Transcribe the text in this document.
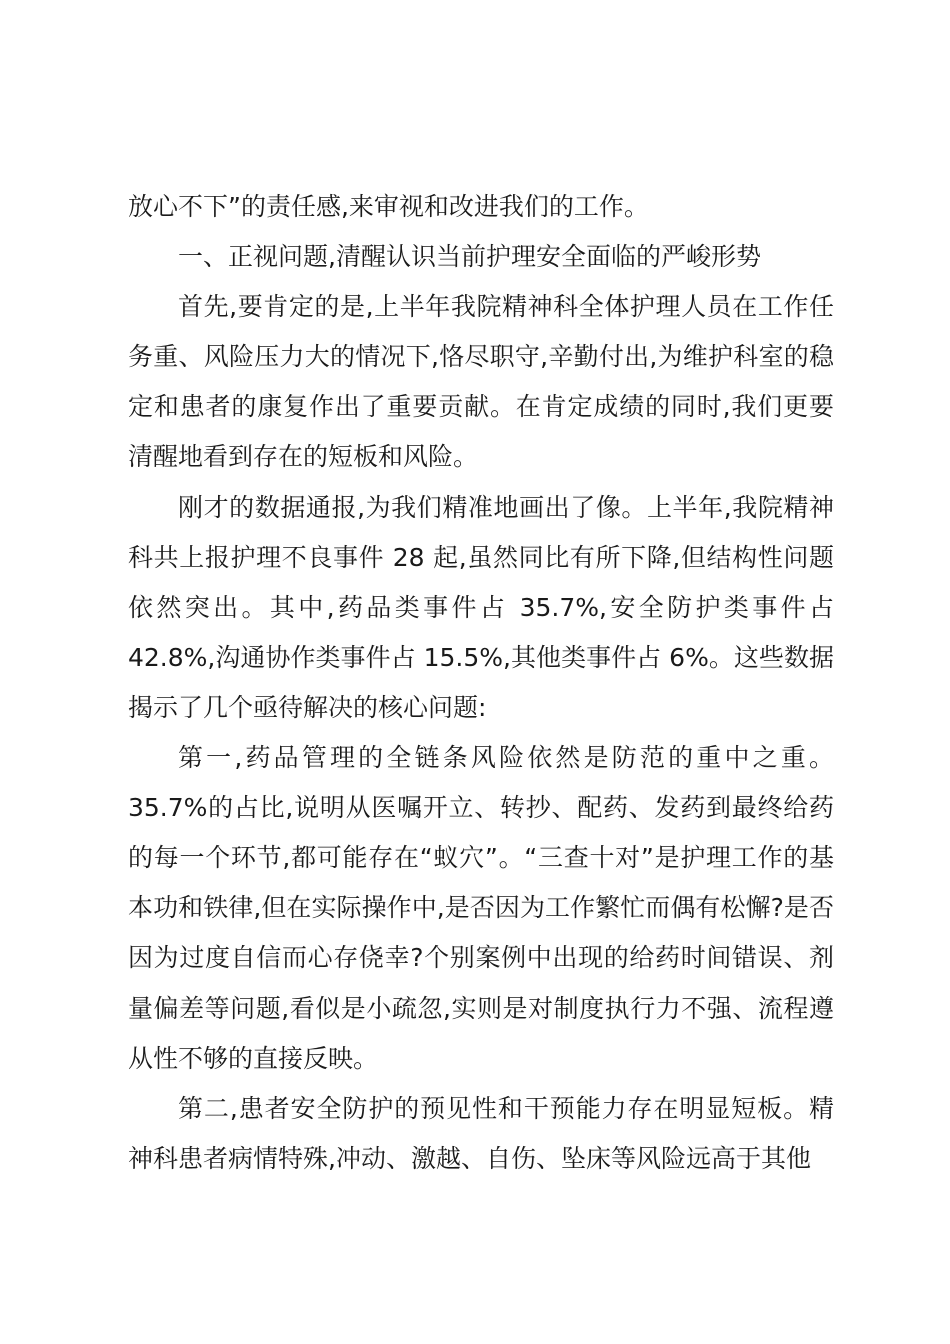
放心不下”的责任感,来审视和改进我们的工作。

一、正视问题,清醒认识当前护理安全面临的严峻形势

首先,要肯定的是,上半年我院精神科全体护理人员在工作任务重、风险压力大的情况下,恪尽职守,辛勤付出,为维护科室的稳定和患者的康复作出了重要贡献。在肯定成绩的同时,我们更要清醒地看到存在的短板和风险。

刚才的数据通报,为我们精准地画出了像。上半年,我院精神科共上报护理不良事件 28 起,虽然同比有所下降,但结构性问题依然突出。其中,药品类事件占 35.7%,安全防护类事件占 42.8%,沟通协作类事件占 15.5%,其他类事件占 6%。这些数据揭示了几个亟待解决的核心问题:

第一,药品管理的全链条风险依然是防范的重中之重。35.7%的占比,说明从医嘱开立、转抄、配药、发药到最终给药的每一个环节,都可能存在“蚁穴”。“三查十对”是护理工作的基本功和铁律,但在实际操作中,是否因为工作繁忙而偶有松懈?是否因为过度自信而心存侥幸?个别案例中出现的给药时间错误、剂量偏差等问题,看似是小疏忽,实则是对制度执行力不强、流程遵从性不够的直接反映。

第二,患者安全防护的预见性和干预能力存在明显短板。精神科患者病情特殊,冲动、激越、自伤、坠床等风险远高于其他
